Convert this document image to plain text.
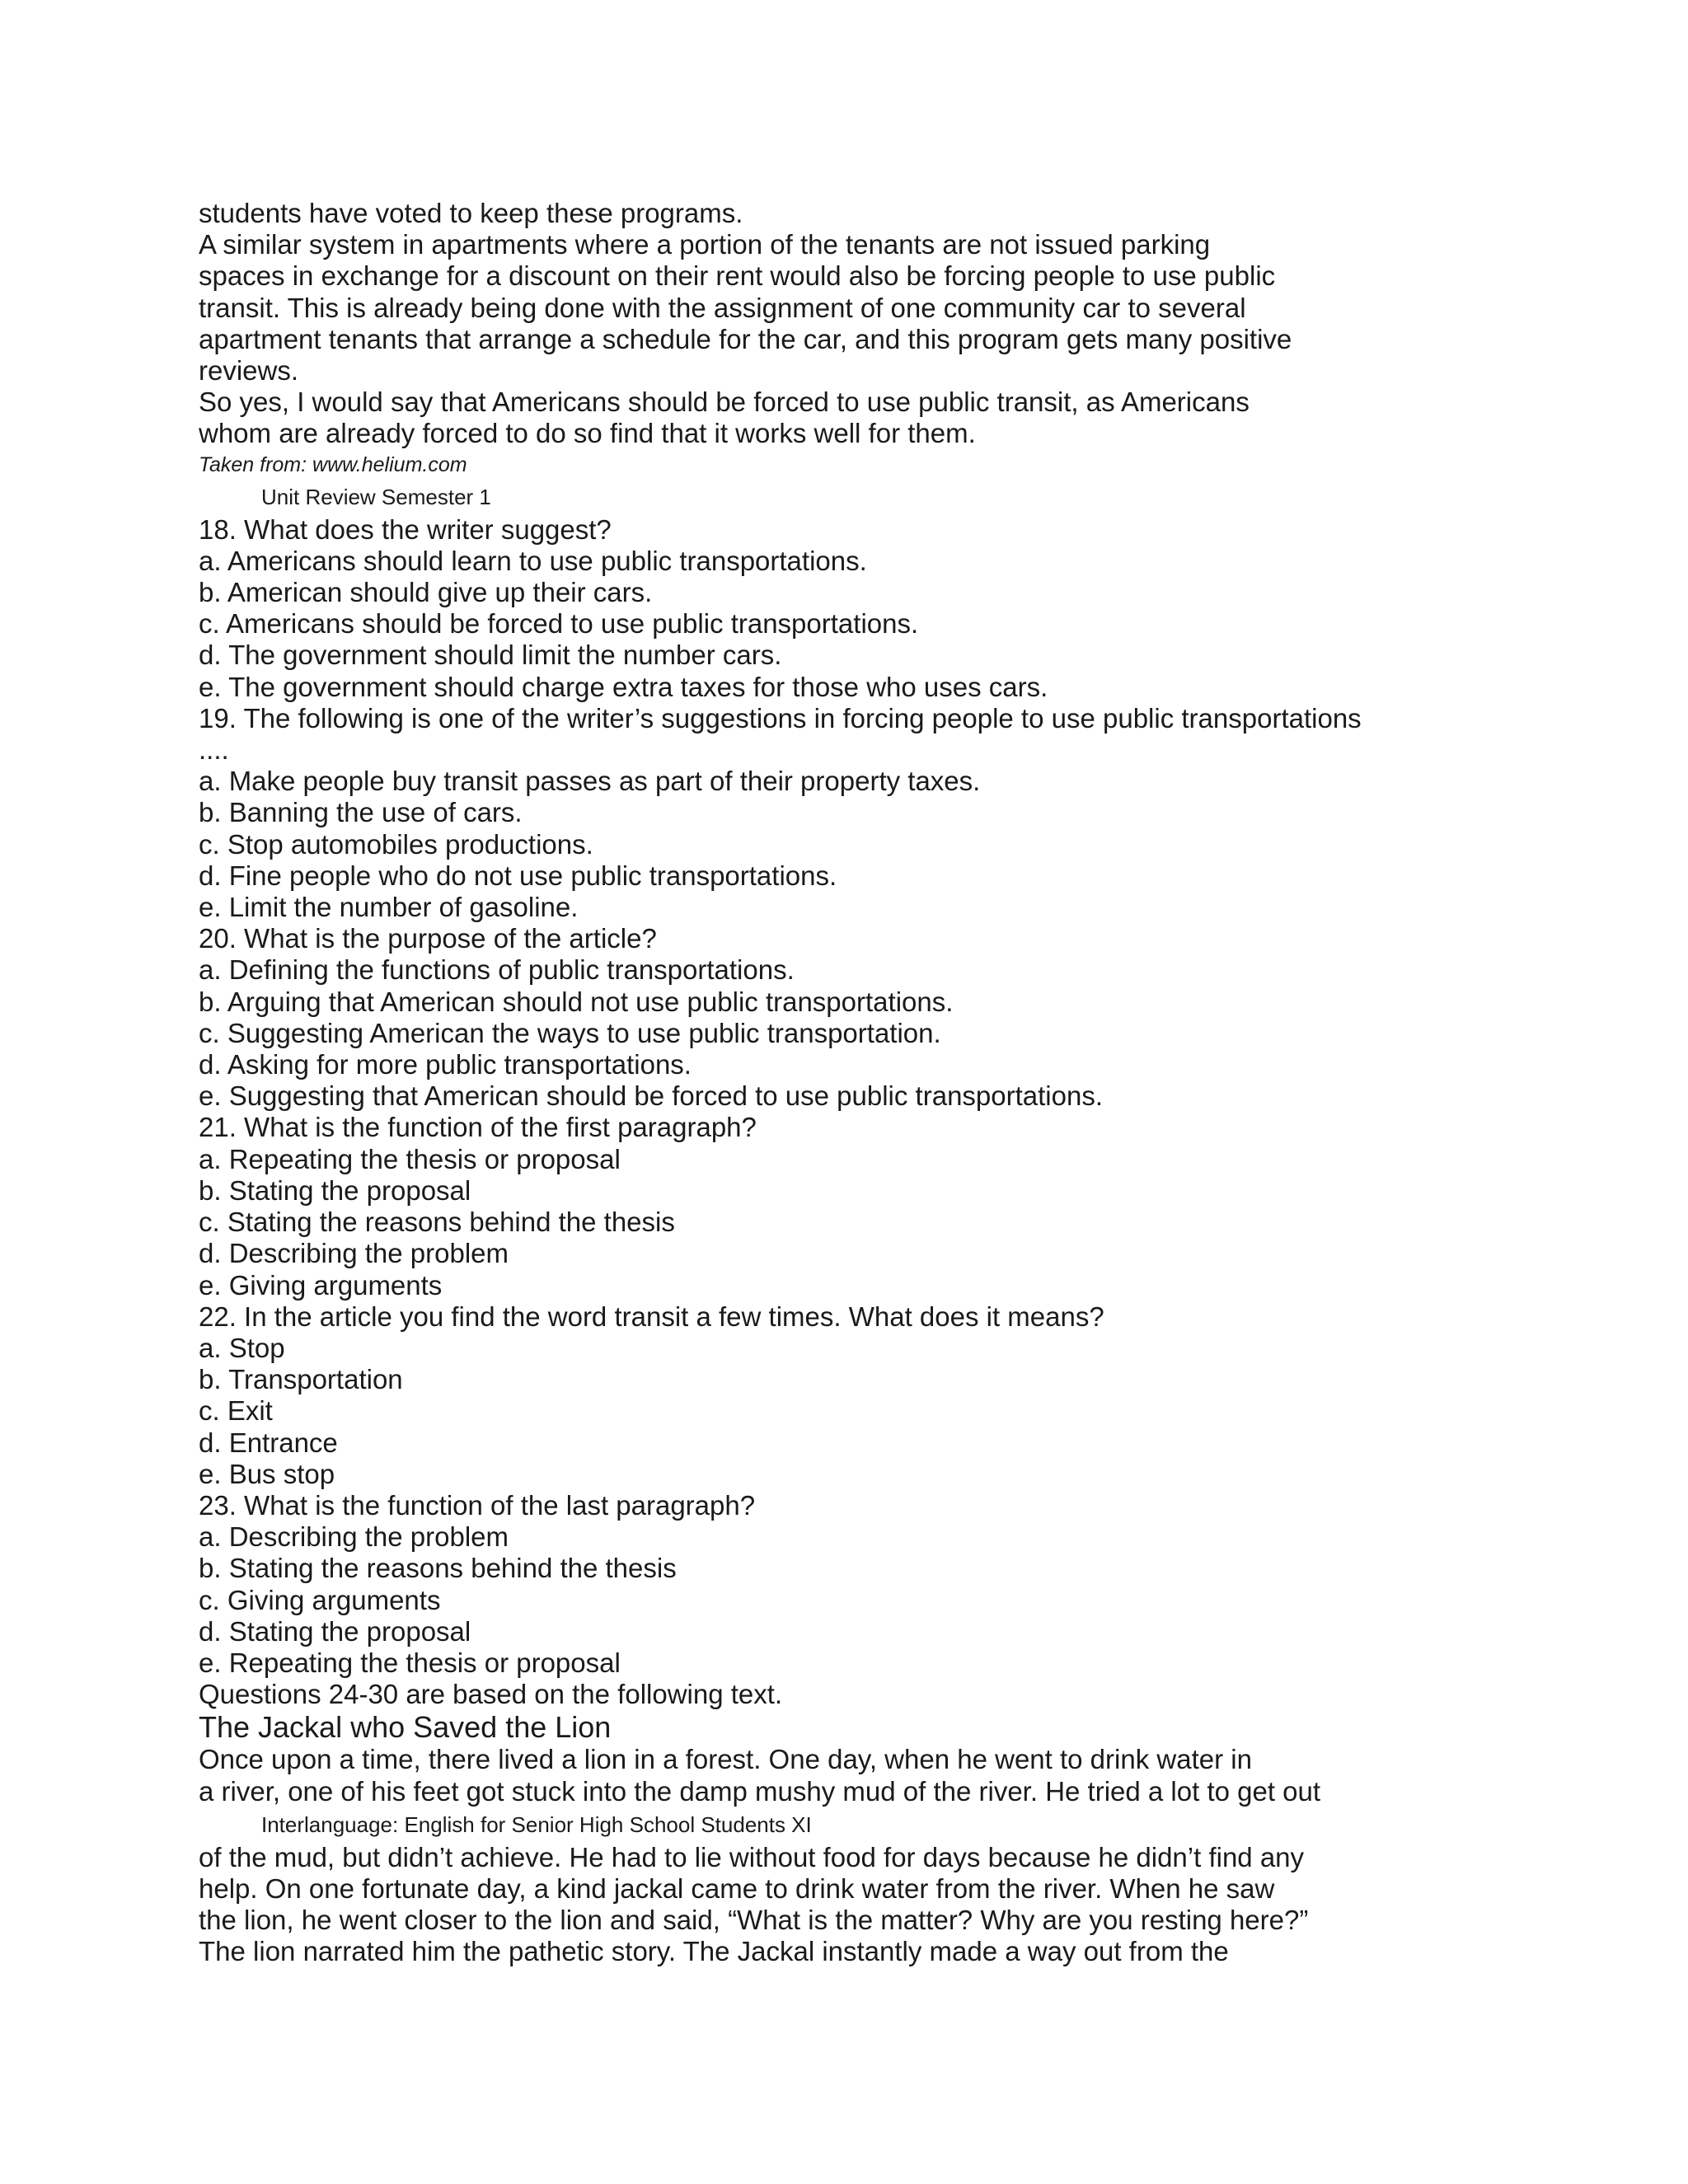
students have voted to keep these programs.
A similar system in apartments where a portion of the tenants are not issued parking
spaces in exchange for a discount on their rent would also be forcing people to use public
transit. This is already being done with the assignment of one community car to several
apartment tenants that arrange a schedule for the car, and this program gets many positive
reviews.
So yes, I would say that Americans should be forced to use public transit, as Americans
whom are already forced to do so find that it works well for them.
Taken from: www.helium.com
Unit Review Semester 1
18. What does the writer suggest?
a. Americans should learn to use public transportations.
b. American should give up their cars.
c. Americans should be forced to use public transportations.
d. The government should limit the number cars.
e. The government should charge extra taxes for those who uses cars.
19. The following is one of the writer’s suggestions in forcing people to use public transportations
....
a. Make people buy transit passes as part of their property taxes.
b. Banning the use of cars.
c. Stop automobiles productions.
d. Fine people who do not use public transportations.
e. Limit the number of gasoline.
20. What is the purpose of the article?
a. Defining the functions of public transportations.
b. Arguing that American should not use public transportations.
c. Suggesting American the ways to use public transportation.
d. Asking for more public transportations.
e. Suggesting that American should be forced to use public transportations.
21. What is the function of the first paragraph?
a. Repeating the thesis or proposal
b. Stating the proposal
c. Stating the reasons behind the thesis
d. Describing the problem
e. Giving arguments
22. In the article you find the word transit a few times. What does it means?
a. Stop
b. Transportation
c. Exit
d. Entrance
e. Bus stop
23. What is the function of the last paragraph?
a. Describing the problem
b. Stating the reasons behind the thesis
c. Giving arguments
d. Stating the proposal
e. Repeating the thesis or proposal
Questions 24-30 are based on the following text.
The Jackal who Saved the Lion
Once upon a time, there lived a lion in a forest. One day, when he went to drink water in
a river, one of his feet got stuck into the damp mushy mud of the river. He tried a lot to get out
Interlanguage: English for Senior High School Students XI
of the mud, but didn’t achieve. He had to lie without food for days because he didn’t find any
help. On one fortunate day, a kind jackal came to drink water from the river. When he saw
the lion, he went closer to the lion and said, “What is the matter? Why are you resting here?”
The lion narrated him the pathetic story. The Jackal instantly made a way out from the
